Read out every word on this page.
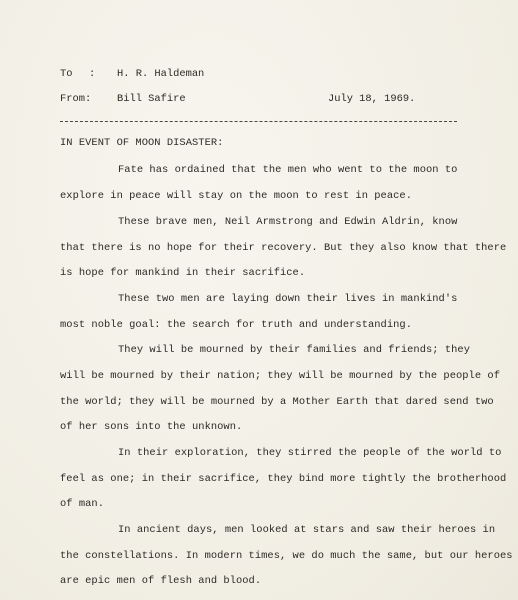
To : H. R. Haldeman
From: Bill Safire	July 18, 1969.
IN EVENT OF MOON DISASTER:
Fate has ordained that the men who went to the moon to
explore in peace will stay on the moon to rest in peace.
These brave men, Neil Armstrong and Edwin Aldrin, know
that there is no hope for their recovery. But they also know that there
is hope for mankind in their sacrifice.
These two men are laying down their lives in mankind's
most noble goal: the search for truth and understanding.
They will be mourned by their families and friends; they
will be mourned by their nation; they will be mourned by the people of
the world; they will be mourned by a Mother Earth that dared send two
of her sons into the unknown.
In their exploration, they stirred the people of the world to
feel as one; in their sacrifice, they bind more tightly the brotherhood
of man.
In ancient days, men looked at stars and saw their heroes in
the constellations. In modern times, we do much the same, but our heroes
are epic men of flesh and blood.
